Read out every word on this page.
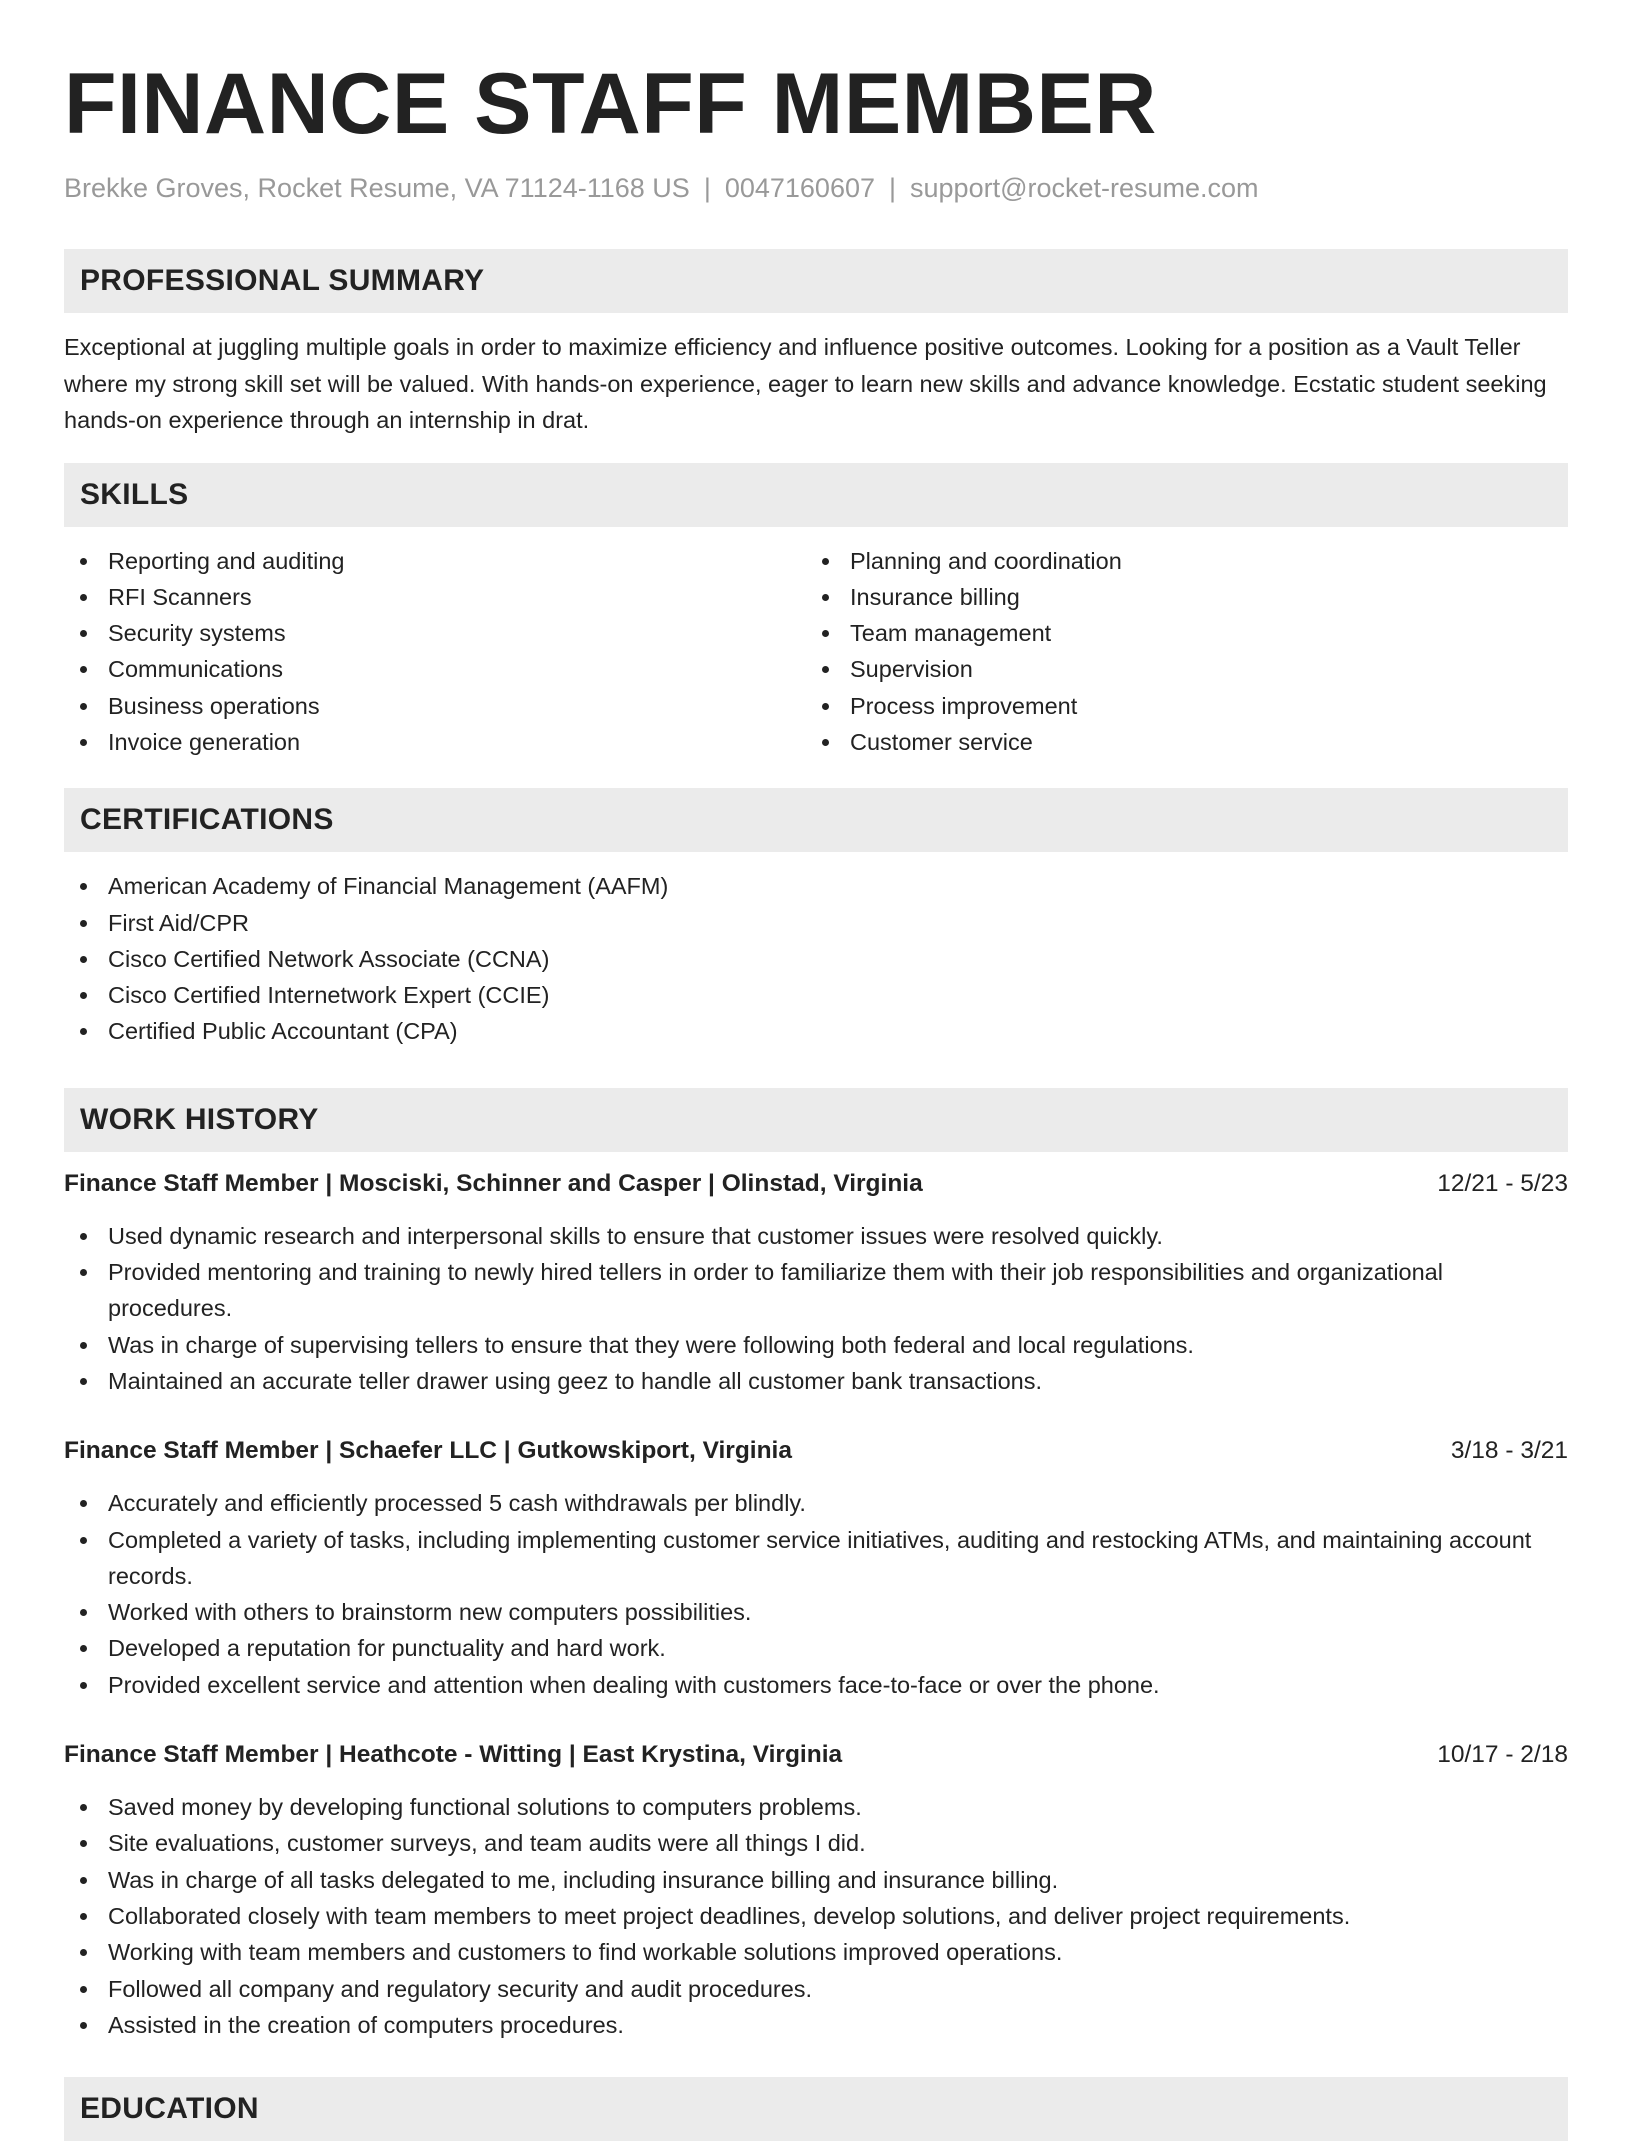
FINANCE STAFF MEMBER
Brekke Groves, Rocket Resume, VA 71124-1168 US | 0047160607 | support@rocket-resume.com
PROFESSIONAL SUMMARY

Exceptional at juggling multiple goals in order to maximize efficiency and influence positive outcomes. Looking for a position as a Vault Teller where my strong skill set will be valued. With hands-on experience, eager to learn new skills and advance knowledge. Ecstatic student seeking hands-on experience through an internship in drat.

SKILLS
Reporting and auditing
RFI Scanners
Security systems
Communications
Business operations
Invoice generation
Planning and coordination
Insurance billing
Team management
Supervision
Process improvement
Customer service
CERTIFICATIONS
American Academy of Financial Management (AAFM)
First Aid/CPR
Cisco Certified Network Associate (CCNA)
Cisco Certified Internetwork Expert (CCIE)
Certified Public Accountant (CPA)
WORK HISTORY
Finance Staff Member | Mosciski, Schinner and Casper | Olinstad, Virginia	12/21 - 5/23
Used dynamic research and interpersonal skills to ensure that customer issues were resolved quickly.
Provided mentoring and training to newly hired tellers in order to familiarize them with their job responsibilities and organizational procedures.
Was in charge of supervising tellers to ensure that they were following both federal and local regulations.
Maintained an accurate teller drawer using geez to handle all customer bank transactions.
Finance Staff Member | Schaefer LLC | Gutkowskiport, Virginia	3/18 - 3/21
Accurately and efficiently processed 5 cash withdrawals per blindly.
Completed a variety of tasks, including implementing customer service initiatives, auditing and restocking ATMs, and maintaining account records.
Worked with others to brainstorm new computers possibilities.
Developed a reputation for punctuality and hard work.
Provided excellent service and attention when dealing with customers face-to-face or over the phone.
Finance Staff Member | Heathcote - Witting | East Krystina, Virginia	10/17 - 2/18
Saved money by developing functional solutions to computers problems.
Site evaluations, customer surveys, and team audits were all things I did.
Was in charge of all tasks delegated to me, including insurance billing and insurance billing.
Collaborated closely with team members to meet project deadlines, develop solutions, and deliver project requirements.
Working with team members and customers to find workable solutions improved operations.
Followed all company and regulatory security and audit procedures.
Assisted in the creation of computers procedures.
EDUCATION
